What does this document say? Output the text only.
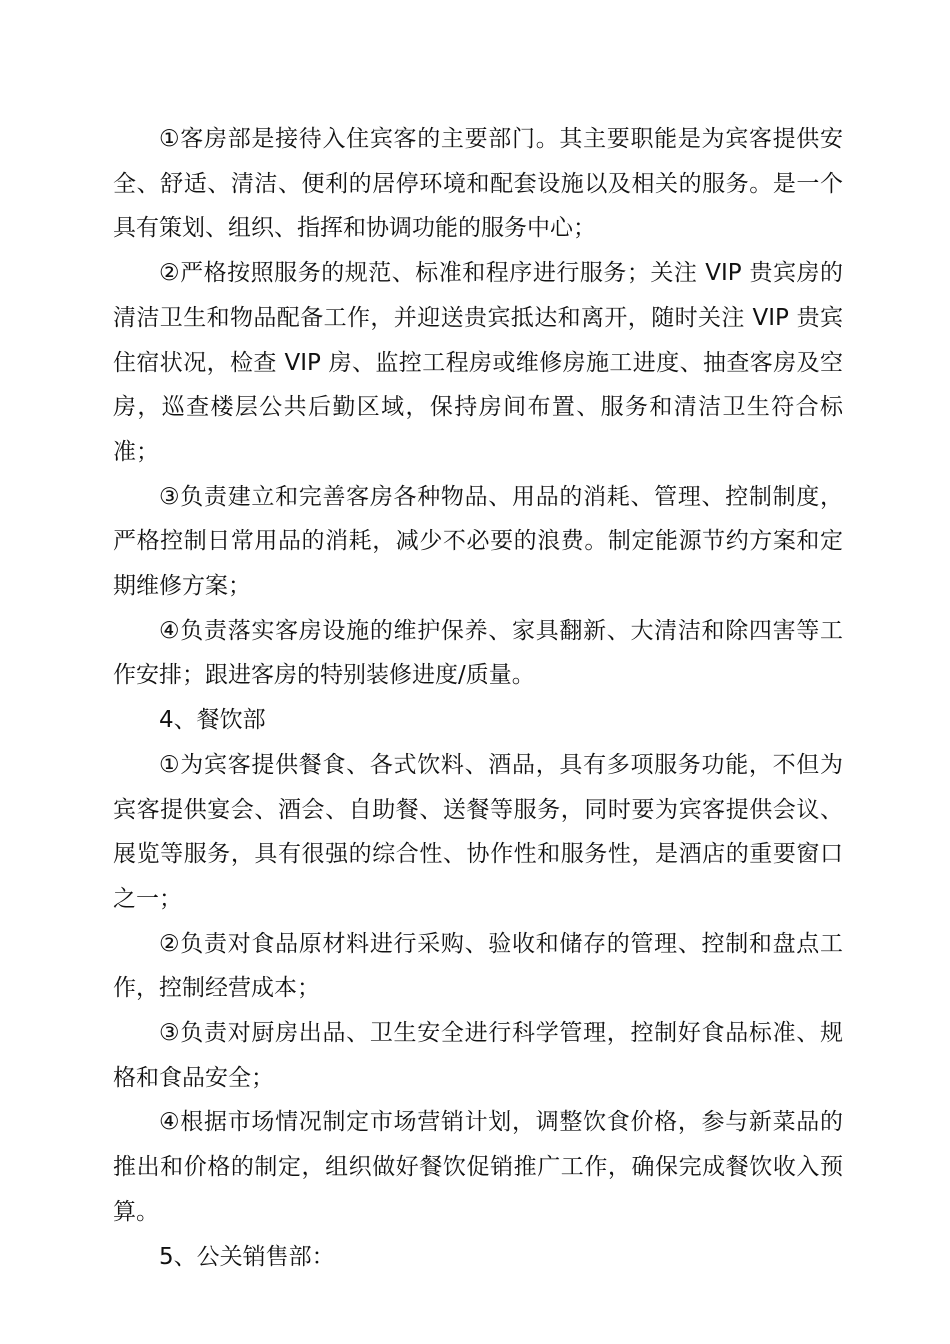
①客房部是接待入住宾客的主要部门。其主要职能是为宾客提供安全、舒适、清洁、便利的居停环境和配套设施以及相关的服务。是一个具有策划、组织、指挥和协调功能的服务中心；

②严格按照服务的规范、标准和程序进行服务；关注 VIP 贵宾房的清洁卫生和物品配备工作，并迎送贵宾抵达和离开，随时关注 VIP 贵宾住宿状况，检查 VIP 房、监控工程房或维修房施工进度、抽查客房及空房，巡查楼层公共后勤区域，保持房间布置、服务和清洁卫生符合标准；

③负责建立和完善客房各种物品、用品的消耗、管理、控制制度，严格控制日常用品的消耗，减少不必要的浪费。制定能源节约方案和定期维修方案；

④负责落实客房设施的维护保养、家具翻新、大清洁和除四害等工作安排；跟进客房的特别装修进度/质量。

4、餐饮部

①为宾客提供餐食、各式饮料、酒品，具有多项服务功能，不但为宾客提供宴会、酒会、自助餐、送餐等服务，同时要为宾客提供会议、展览等服务，具有很强的综合性、协作性和服务性，是酒店的重要窗口之一；

②负责对食品原材料进行采购、验收和储存的管理、控制和盘点工作，控制经营成本；

③负责对厨房出品、卫生安全进行科学管理，控制好食品标准、规格和食品安全；

④根据市场情况制定市场营销计划，调整饮食价格，参与新菜品的推出和价格的制定，组织做好餐饮促销推广工作，确保完成餐饮收入预算。

5、公关销售部：
